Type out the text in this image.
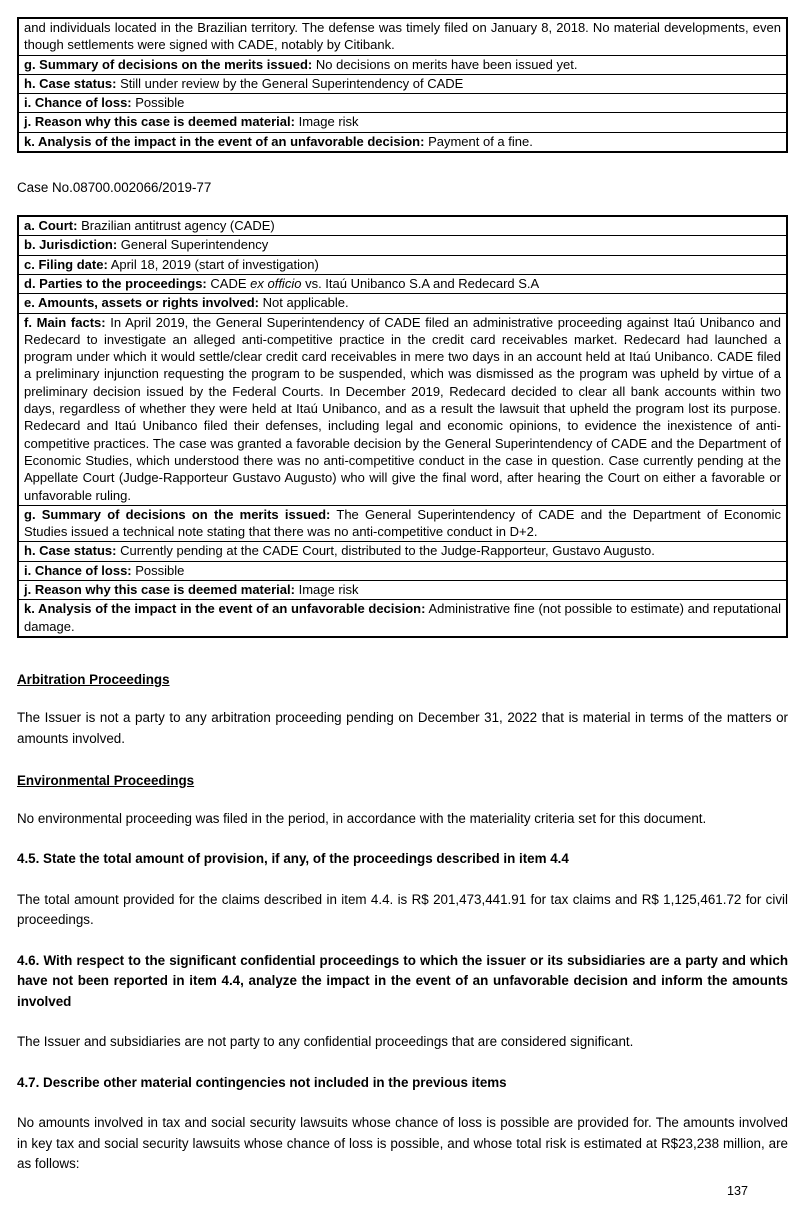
and individuals located in the Brazilian territory. The defense was timely filed on January 8, 2018. No material developments, even though settlements were signed with CADE, notably by Citibank.
g. Summary of decisions on the merits issued: No decisions on merits have been issued yet.
h. Case status: Still under review by the General Superintendency of CADE
i. Chance of loss: Possible
j. Reason why this case is deemed material: Image risk
k. Analysis of the impact in the event of an unfavorable decision: Payment of a fine.

Case No.08700.002066/2019-77

a. Court: Brazilian antitrust agency (CADE)
b. Jurisdiction: General Superintendency
c. Filing date: April 18, 2019 (start of investigation)
d. Parties to the proceedings: CADE ex officio vs. Itaú Unibanco S.A and Redecard S.A
e. Amounts, assets or rights involved: Not applicable.
f. Main facts: In April 2019, the General Superintendency of CADE filed an administrative proceeding against Itaú Unibanco and Redecard to investigate an alleged anti-competitive practice in the credit card receivables market. Redecard had launched a program under which it would settle/clear credit card receivables in mere two days in an account held at Itaú Unibanco. CADE filed a preliminary injunction requesting the program to be suspended, which was dismissed as the program was upheld by virtue of a preliminary decision issued by the Federal Courts. In December 2019, Redecard decided to clear all bank accounts within two days, regardless of whether they were held at Itaú Unibanco, and as a result the lawsuit that upheld the program lost its purpose. Redecard and Itaú Unibanco filed their defenses, including legal and economic opinions, to evidence the inexistence of anti-competitive practices. The case was granted a favorable decision by the General Superintendency of CADE and the Department of Economic Studies, which understood there was no anti-competitive conduct in the case in question. Case currently pending at the Appellate Court (Judge-Rapporteur Gustavo Augusto) who will give the final word, after hearing the Court on either a favorable or unfavorable ruling.
g. Summary of decisions on the merits issued: The General Superintendency of CADE and the Department of Economic Studies issued a technical note stating that there was no anti-competitive conduct in D+2.
h. Case status: Currently pending at the CADE Court, distributed to the Judge-Rapporteur, Gustavo Augusto.
i. Chance of loss: Possible
j. Reason why this case is deemed material: Image risk
k. Analysis of the impact in the event of an unfavorable decision: Administrative fine (not possible to estimate) and reputational damage.
Arbitration Proceedings

The Issuer is not a party to any arbitration proceeding pending on December 31, 2022 that is material in terms of the matters or amounts involved.

Environmental Proceedings

No environmental proceeding was filed in the period, in accordance with the materiality criteria set for this document.

4.5. State the total amount of provision, if any, of the proceedings described in item 4.4

The total amount provided for the claims described in item 4.4. is R$ 201,473,441.91 for tax claims and R$ 1,125,461.72 for civil proceedings.

4.6. With respect to the significant confidential proceedings to which the issuer or its subsidiaries are a party and which have not been reported in item 4.4, analyze the impact in the event of an unfavorable decision and inform the amounts involved

The Issuer and subsidiaries are not party to any confidential proceedings that are considered significant.

4.7. Describe other material contingencies not included in the previous items

No amounts involved in tax and social security lawsuits whose chance of loss is possible are provided for. The amounts involved in key tax and social security lawsuits whose chance of loss is possible, and whose total risk is estimated at R$23,238 million, are as follows:

137
